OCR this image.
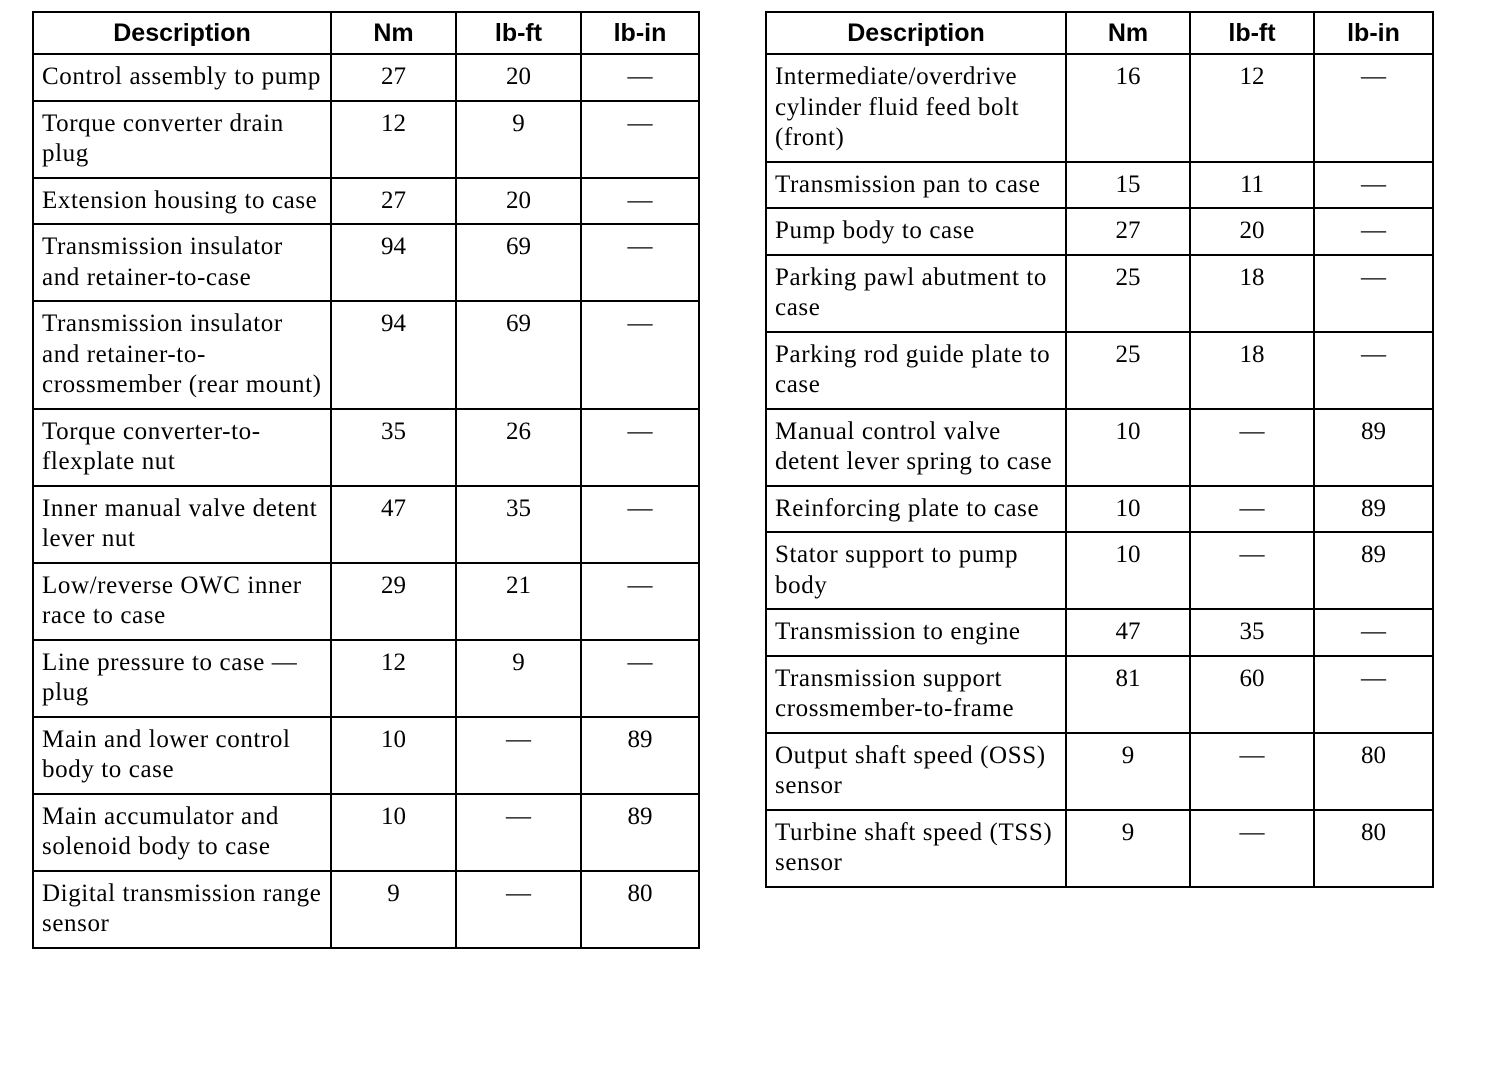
Description	Nm	lb-ft	lb-in
Control assembly to pump	27	20	—
Torque converter drain plug	12	9	—
Extension housing to case	27	20	—
Transmission insulator and retainer-to-case	94	69	—
Transmission insulator and retainer-to-crossmember (rear mount)	94	69	—
Torque converter-to-flexplate nut	35	26	—
Inner manual valve detent lever nut	47	35	—
Low/reverse OWC inner race to case	29	21	—
Line pressure to case — plug	12	9	—
Main and lower control body to case	10	—	89
Main accumulator and solenoid body to case	10	—	89
Digital transmission range sensor	9	—	80
Description	Nm	lb-ft	lb-in
Intermediate/overdrive cylinder fluid feed bolt (front)	16	12	—
Transmission pan to case	15	11	—
Pump body to case	27	20	—
Parking pawl abutment to case	25	18	—
Parking rod guide plate to case	25	18	—
Manual control valve detent lever spring to case	10	—	89
Reinforcing plate to case	10	—	89
Stator support to pump body	10	—	89
Transmission to engine	47	35	—
Transmission support crossmember-to-frame	81	60	—
Output shaft speed (OSS) sensor	9	—	80
Turbine shaft speed (TSS) sensor	9	—	80
